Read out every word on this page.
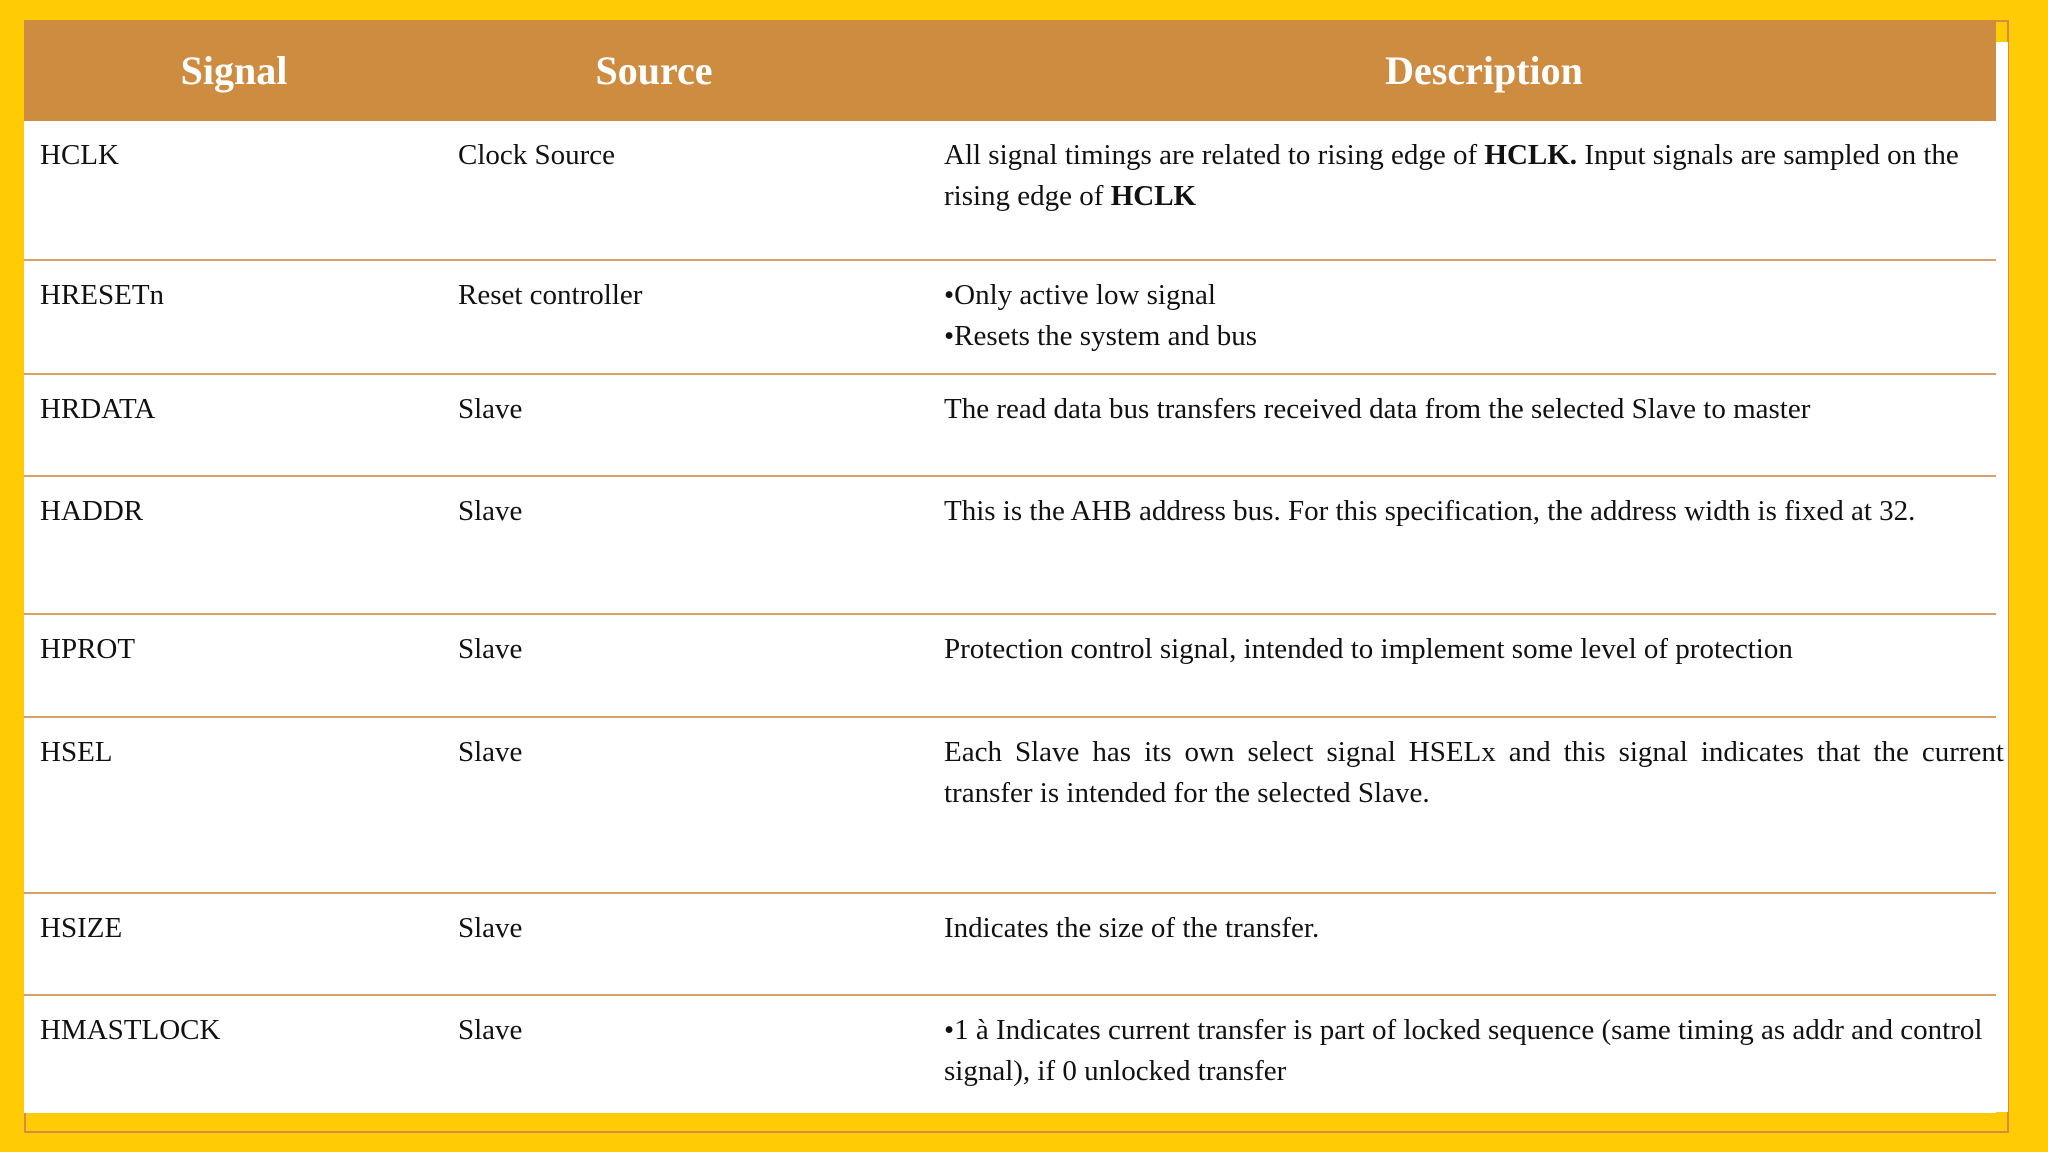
Signal	Source	Description
HCLK	Clock Source	All signal timings are related to rising edge of HCLK. Input signals are sampled on the rising edge of HCLK
HRESETn	Reset controller	•Only active low signal
•Resets the system and bus
HRDATA	Slave	The read data bus transfers received data from the selected Slave to master
HADDR	Slave	This is the AHB address bus. For this specification, the address width is fixed at 32.
HPROT	Slave	Protection control signal, intended to implement some level of protection
HSEL	Slave	Each Slave has its own select signal HSELx and this signal indicates that the current transfer is intended for the selected Slave.
HSIZE	Slave	Indicates the size of the transfer.
HMASTLOCK	Slave	•1 à Indicates current transfer is part of locked sequence (same timing as addr and control signal), if 0 unlocked transfer
